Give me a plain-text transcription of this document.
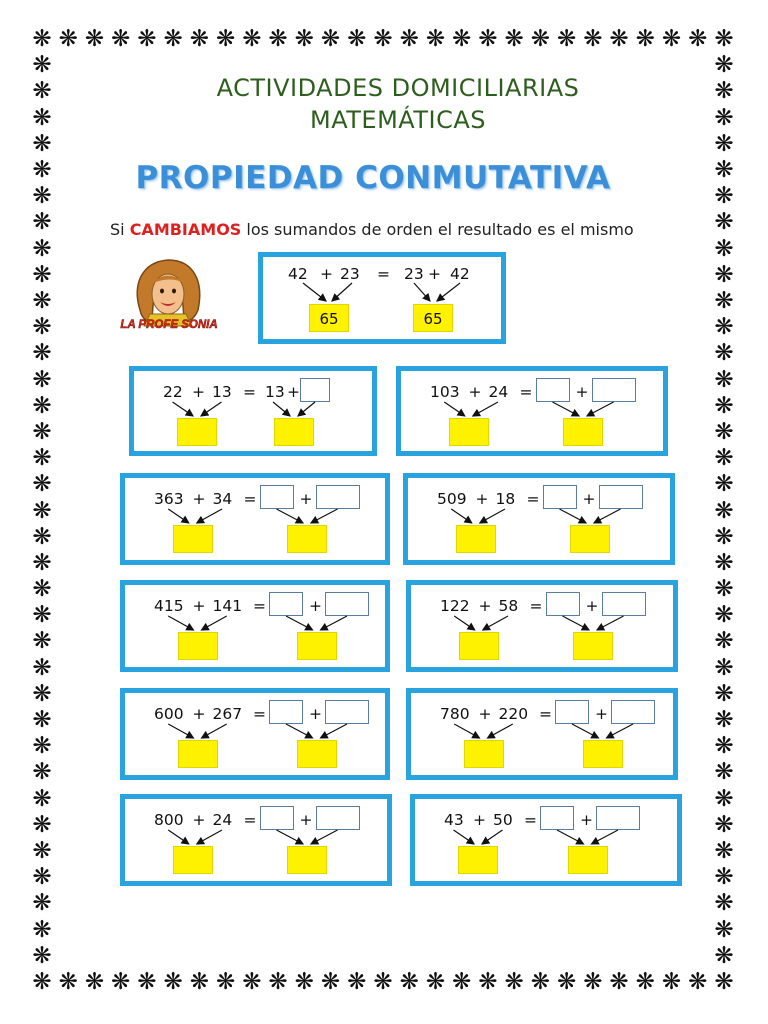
❋
❋
❋
❋
❋
❋
❋
❋
❋
❋
❋
❋
❋
❋
❋
❋
❋
❋
❋
❋
❋
❋
❋
❋
❋
❋
❋
❋
❋
❋
❋
❋
❋
❋
❋
❋
❋
❋
❋
❋
❋
❋
❋
❋
❋
❋
❋
❋
❋
❋
❋
❋
❋
❋
❋	❋
❋	❋
❋	❋
❋	❋
❋	❋
❋	❋
❋	❋
❋	❋
❋	❋
❋	❋
❋	❋
❋	❋
❋	❋
❋	❋
❋	❋
❋	❋
❋	❋
❋	❋
❋	❋
❋	❋
❋	❋
❋	❋
❋	❋
❋	❋
❋	❋
❋	❋
❋	❋
❋	❋
❋	❋
❋	❋
❋	❋
❋	❋
❋	❋
❋	❋
❋	❋
ACTIVIDADES DOMICILIARIAS
MATEMÁTICAS
PROPIEDAD CONMUTATIVA
Si CAMBIAMOS los sumandos de orden el resultado es el mismo
LA PROFE SONIA
42 + 23 = 23 + 42
65	65
22 + 13 = 13 +	103 + 24 =	+
363 + 34 =	+	509 + 18 =	+
415 + 141 =	+	122 + 58 =	+
600 + 267 =	+	780 + 220 =	+
800 + 24 =	+	43 + 50 =	+
